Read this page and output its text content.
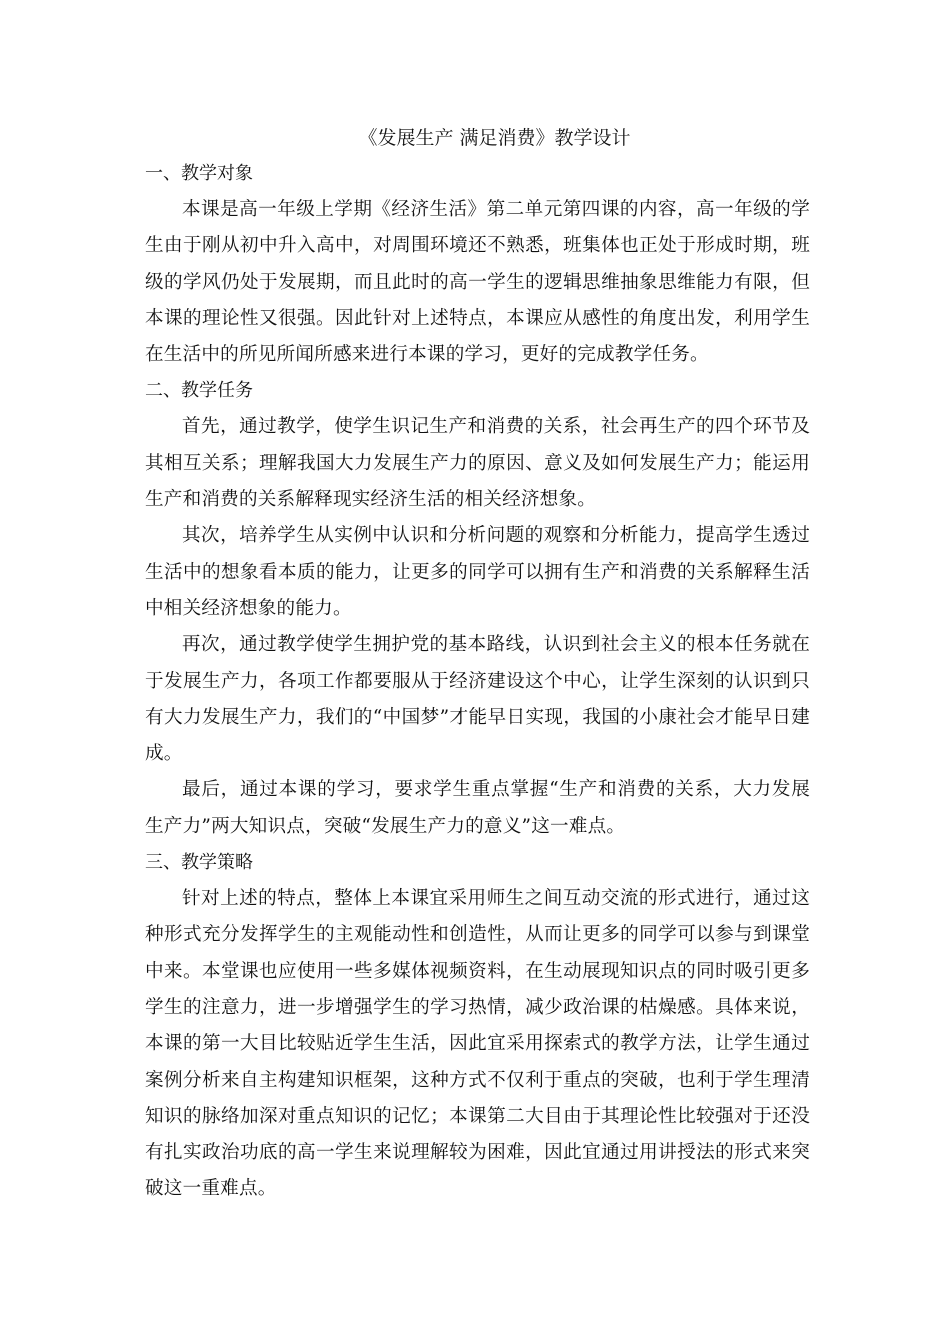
《发展生产 满足消费》教学设计
一、教学对象

本课是高一年级上学期《经济生活》第二单元第四课的内容，高一年级的学生由于刚从初中升入高中，对周围环境还不熟悉，班集体也正处于形成时期，班级的学风仍处于发展期，而且此时的高一学生的逻辑思维抽象思维能力有限，但本课的理论性又很强。因此针对上述特点，本课应从感性的角度出发，利用学生在生活中的所见所闻所感来进行本课的学习，更好的完成教学任务。

二、教学任务

首先，通过教学，使学生识记生产和消费的关系，社会再生产的四个环节及其相互关系；理解我国大力发展生产力的原因、意义及如何发展生产力；能运用生产和消费的关系解释现实经济生活的相关经济想象。

其次，培养学生从实例中认识和分析问题的观察和分析能力，提高学生透过生活中的想象看本质的能力，让更多的同学可以拥有生产和消费的关系解释生活中相关经济想象的能力。

再次，通过教学使学生拥护党的基本路线，认识到社会主义的根本任务就在于发展生产力，各项工作都要服从于经济建设这个中心，让学生深刻的认识到只有大力发展生产力，我们的“中国梦”才能早日实现，我国的小康社会才能早日建成。

最后，通过本课的学习，要求学生重点掌握“生产和消费的关系，大力发展生产力”两大知识点，突破“发展生产力的意义”这一难点。

三、教学策略

针对上述的特点，整体上本课宜采用师生之间互动交流的形式进行，通过这种形式充分发挥学生的主观能动性和创造性，从而让更多的同学可以参与到课堂中来。本堂课也应使用一些多媒体视频资料，在生动展现知识点的同时吸引更多学生的注意力，进一步增强学生的学习热情，减少政治课的枯燥感。具体来说，本课的第一大目比较贴近学生生活，因此宜采用探索式的教学方法，让学生通过案例分析来自主构建知识框架，这种方式不仅利于重点的突破，也利于学生理清知识的脉络加深对重点知识的记忆；本课第二大目由于其理论性比较强对于还没有扎实政治功底的高一学生来说理解较为困难，因此宜通过用讲授法的形式来突破这一重难点。
